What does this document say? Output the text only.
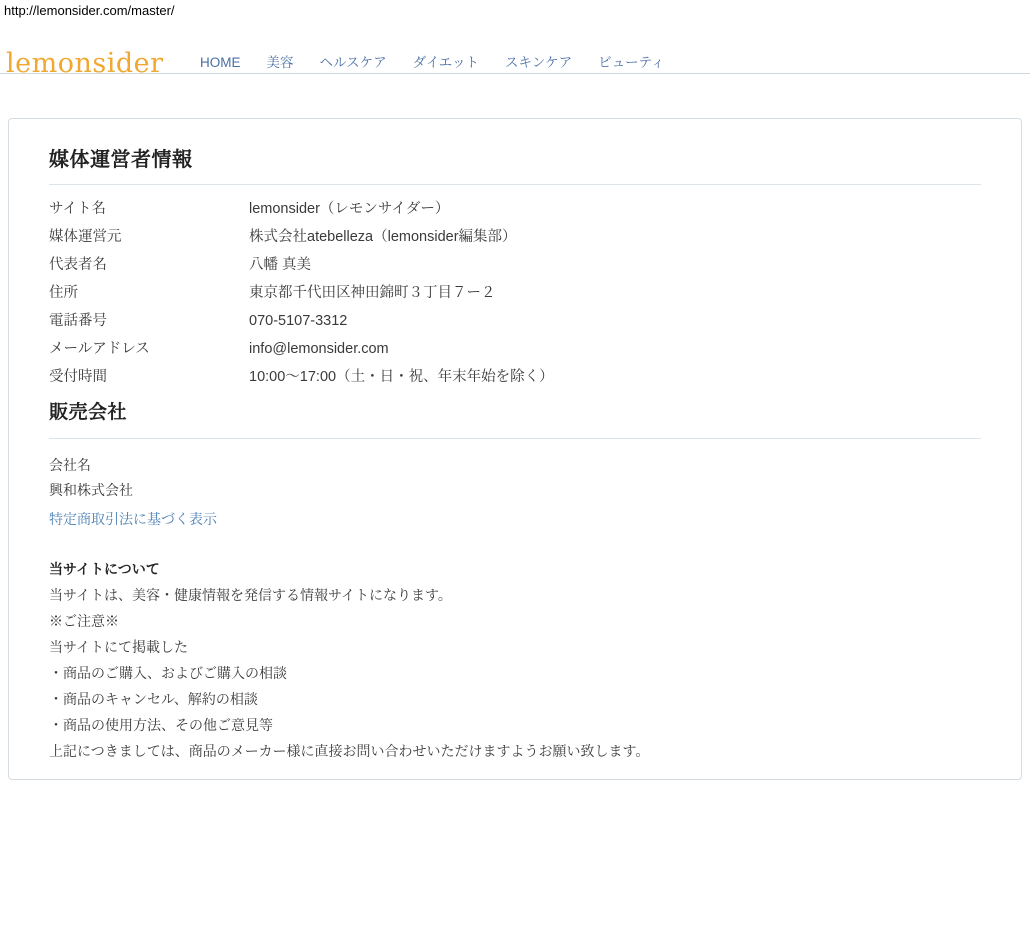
http://lemonsider.com/master/
lemonsider	HOME 美容 ヘルスケア ダイエット スキンケア ビューティ
媒体運営者情報
サイト名	lemonsider（レモンサイダー）
媒体運営元	株式会社atebelleza（lemonsider編集部）
代表者名	八幡 真美
住所	東京都千代田区神田錦町３丁目７ー２
電話番号	070-5107-3312
メールアドレス	info@lemonsider.com
受付時間	10:00〜17:00（土・日・祝、年末年始を除く）
販売会社
会社名
興和株式会社
特定商取引法に基づく表示
当サイトについて
当サイトは、美容・健康情報を発信する情報サイトになります。
※ご注意※
当サイトにて掲載した
・商品のご購入、およびご購入の相談
・商品のキャンセル、解約の相談
・商品の使用方法、その他ご意見等
上記につきましては、商品のメーカー様に直接お問い合わせいただけますようお願い致します。
